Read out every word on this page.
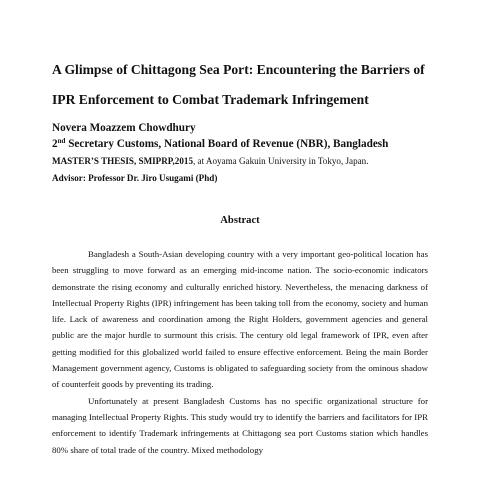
A Glimpse of Chittagong Sea Port: Encountering the Barriers of
IPR Enforcement to Combat Trademark Infringement
Novera Moazzem Chowdhury
2nd Secretary Customs, National Board of Revenue (NBR), Bangladesh
MASTER’S THESIS, SMIPRP,2015, at Aoyama Gakuin University in Tokyo, Japan.
Advisor: Professor Dr. Jiro Usugami (Phd)
Abstract

Bangladesh a South-Asian developing country with a very important geo-political location has been struggling to move forward as an emerging mid-income nation. The socio-economic indicators demonstrate the rising economy and culturally enriched history. Nevertheless, the menacing darkness of Intellectual Property Rights (IPR) infringement has been taking toll from the economy, society and human life. Lack of awareness and coordination among the Right Holders, government agencies and general public are the major hurdle to surmount this crisis. The century old legal framework of IPR, even after getting modified for this globalized world failed to ensure effective enforcement. Being the main Border Management government agency, Customs is obligated to safeguarding society from the ominous shadow of counterfeit goods by preventing its trading.

Unfortunately at present Bangladesh Customs has no specific organizational structure for managing Intellectual Property Rights. This study would try to identify the barriers and facilitators for IPR enforcement to identify Trademark infringements at Chittagong sea port Customs station which handles 80% share of total trade of the country. Mixed methodology
